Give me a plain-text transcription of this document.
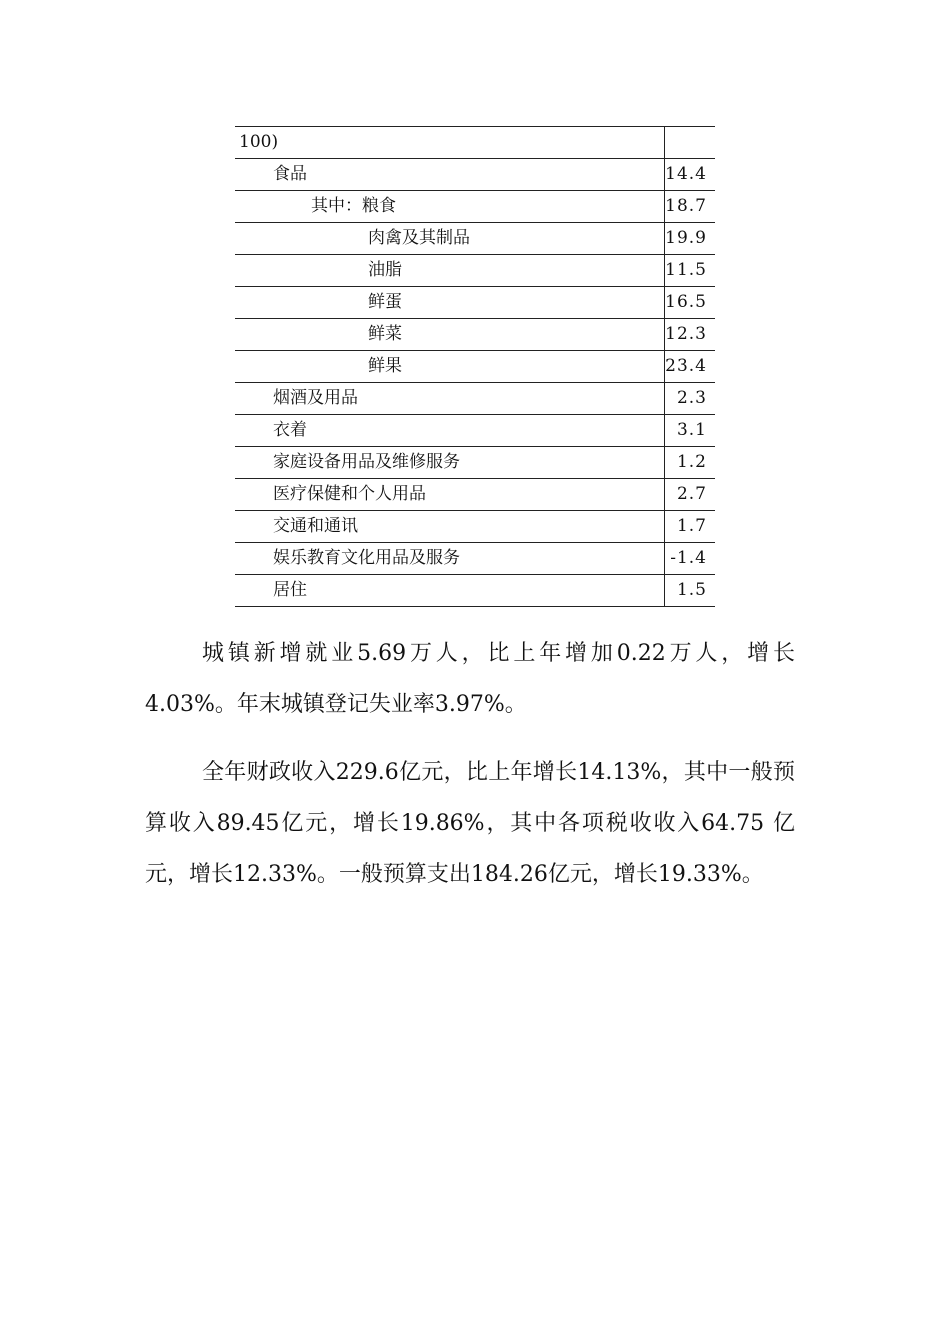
100)	
食品	14.4
其中：粮食	18.7
肉禽及其制品	19.9
油脂	11.5
鲜蛋	16.5
鲜菜	12.3
鲜果	23.4
烟酒及用品	2.3
衣着	3.1
家庭设备用品及维修服务	1.2
医疗保健和个人用品	2.7
交通和通讯	1.7
娱乐教育文化用品及服务	-1.4
居住	1.5

城镇新增就业5.69万人，比上年增加0.22万人，增长4.03%。年末城镇登记失业率3.97%。

全年财政收入229.6亿元，比上年增长14.13%，其中一般预算收入89.45亿元，增长19.86%，其中各项税收收入64.75 亿元，增长12.33%。一般预算支出184.26亿元，增长19.33%。
